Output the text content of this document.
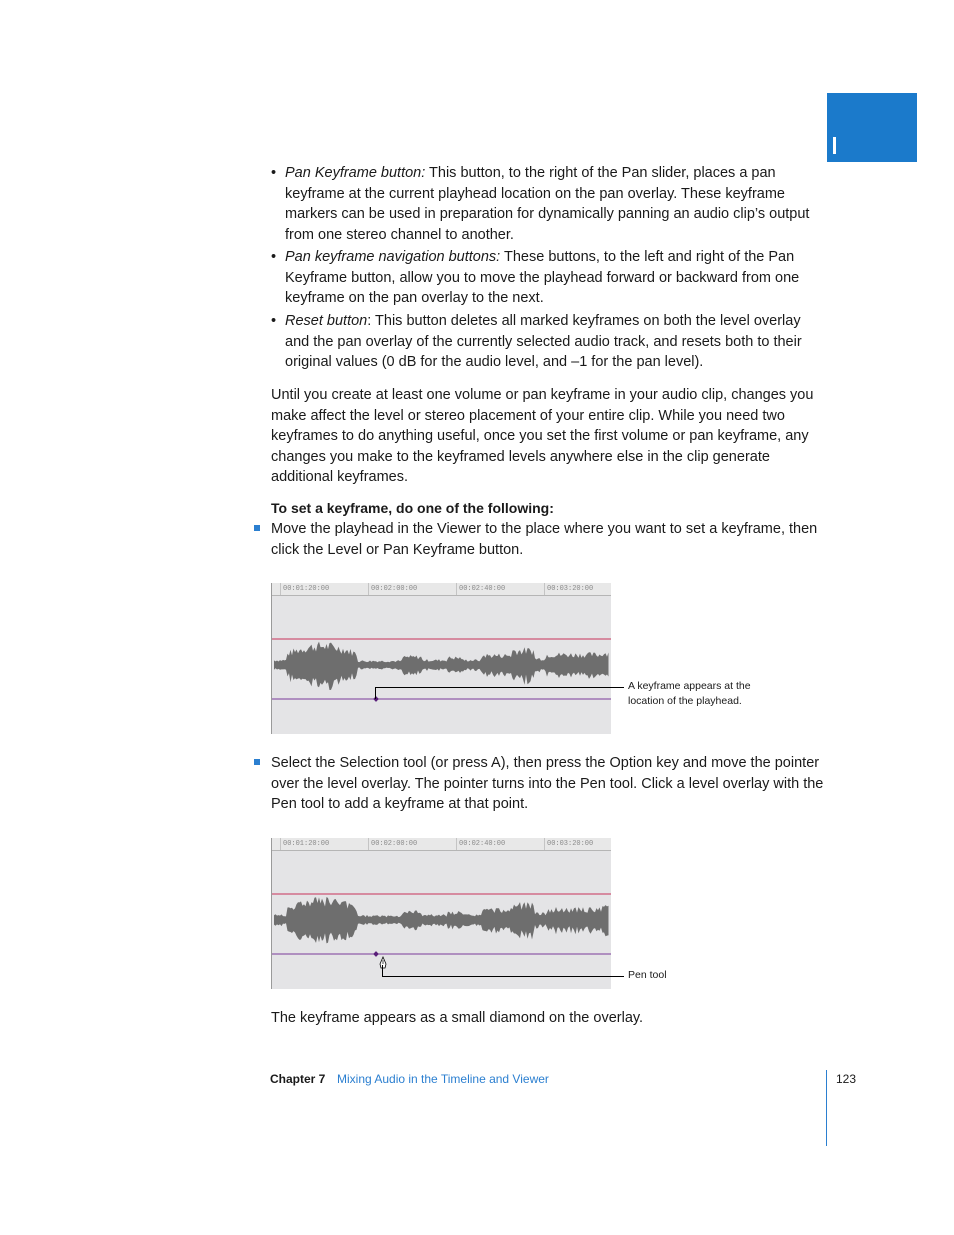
• Pan Keyframe button: This button, to the right of the Pan slider, places a pan keyframe at the current playhead location on the pan overlay. These keyframe markers can be used in preparation for dynamically panning an audio clip’s output from one stereo channel to another.
• Pan keyframe navigation buttons: These buttons, to the left and right of the Pan Keyframe button, allow you to move the playhead forward or backward from one keyframe on the pan overlay to the next.
• Reset button: This button deletes all marked keyframes on both the level overlay and the pan overlay of the currently selected audio track, and resets both to their original values (0 dB for the audio level, and –1 for the pan level).
Until you create at least one volume or pan keyframe in your audio clip, changes you make affect the level or stereo placement of your entire clip. While you need two keyframes to do anything useful, once you set the first volume or pan keyframe, any changes you make to the keyframed levels anywhere else in the clip generate additional keyframes.
To set a keyframe, do one of the following:
Move the playhead in the Viewer to the place where you want to set a keyframe, then click the Level or Pan Keyframe button.
00:01:20:00	00:02:00:00	00:02:40:00	00:03:20:00
A keyframe appears at the
location of the playhead.
Select the Selection tool (or press A), then press the Option key and move the pointer over the level overlay. The pointer turns into the Pen tool. Click a level overlay with the Pen tool to add a keyframe at that point.
00:01:20:00	00:02:00:00	00:02:40:00	00:03:20:00
Pen tool
The keyframe appears as a small diamond on the overlay.
Chapter 7 Mixing Audio in the Timeline and Viewer	123
